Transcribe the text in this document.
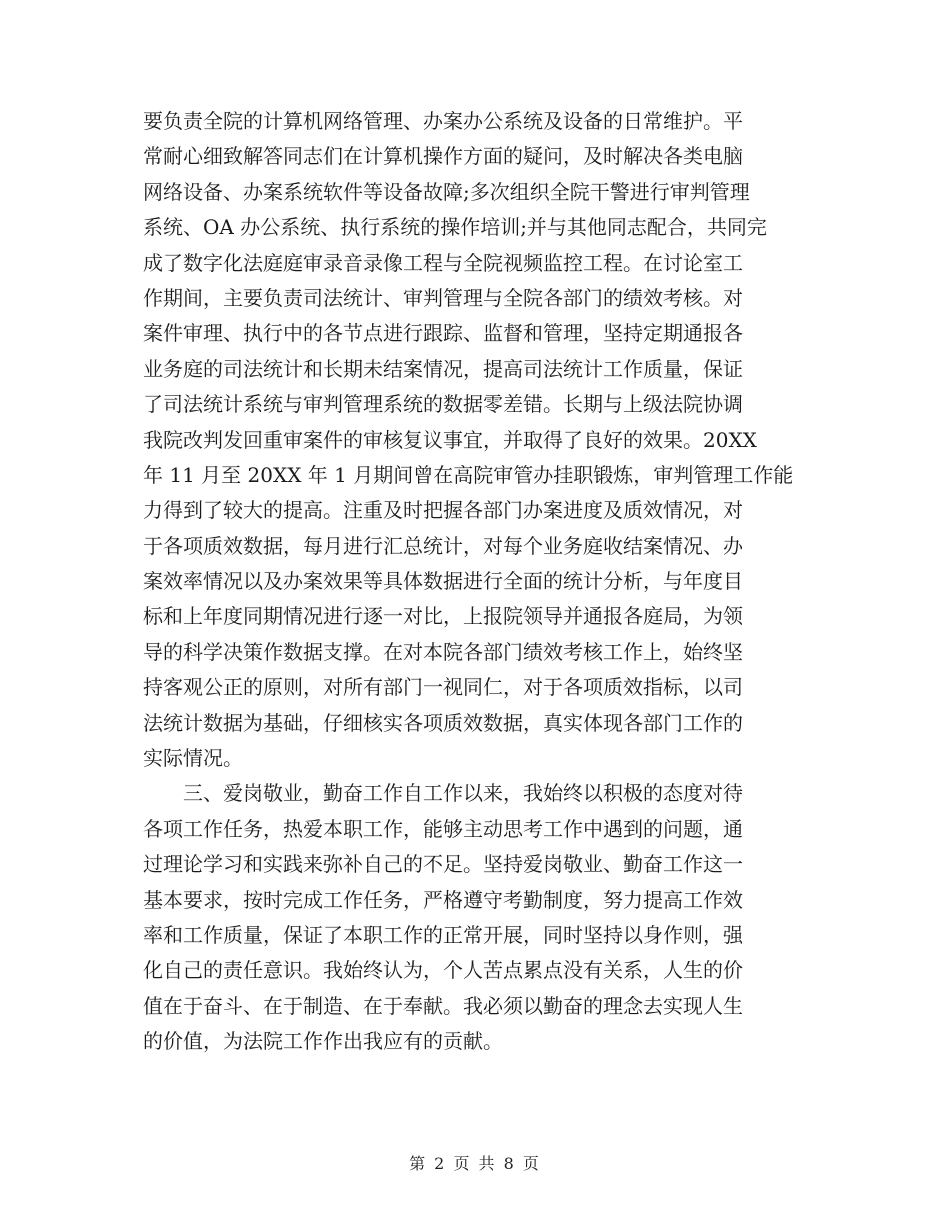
要负责全院的计算机网络管理、办案办公系统及设备的日常维护。平
常耐心细致解答同志们在计算机操作方面的疑问，及时解决各类电脑
网络设备、办案系统软件等设备故障;多次组织全院干警进行审判管理
系统、OA 办公系统、执行系统的操作培训;并与其他同志配合，共同完
成了数字化法庭庭审录音录像工程与全院视频监控工程。在讨论室工
作期间，主要负责司法统计、审判管理与全院各部门的绩效考核。对
案件审理、执行中的各节点进行跟踪、监督和管理，坚持定期通报各
业务庭的司法统计和长期未结案情况，提高司法统计工作质量，保证
了司法统计系统与审判管理系统的数据零差错。长期与上级法院协调
我院改判发回重审案件的审核复议事宜，并取得了良好的效果。20XX
年 11 月至 20XX 年 1 月期间曾在高院审管办挂职锻炼，审判管理工作能
力得到了较大的提高。注重及时把握各部门办案进度及质效情况，对
于各项质效数据，每月进行汇总统计，对每个业务庭收结案情况、办
案效率情况以及办案效果等具体数据进行全面的统计分析，与年度目
标和上年度同期情况进行逐一对比，上报院领导并通报各庭局，为领
导的科学决策作数据支撑。在对本院各部门绩效考核工作上，始终坚
持客观公正的原则，对所有部门一视同仁，对于各项质效指标，以司
法统计数据为基础，仔细核实各项质效数据，真实体现各部门工作的
实际情况。

　　三、爱岗敬业，勤奋工作自工作以来，我始终以积极的态度对待
各项工作任务，热爱本职工作，能够主动思考工作中遇到的问题，通
过理论学习和实践来弥补自己的不足。坚持爱岗敬业、勤奋工作这一
基本要求，按时完成工作任务，严格遵守考勤制度，努力提高工作效
率和工作质量，保证了本职工作的正常开展，同时坚持以身作则，强
化自己的责任意识。我始终认为，个人苦点累点没有关系，人生的价
值在于奋斗、在于制造、在于奉献。我必须以勤奋的理念去实现人生
的价值，为法院工作作出我应有的贡献。

第 2 页 共 8 页
